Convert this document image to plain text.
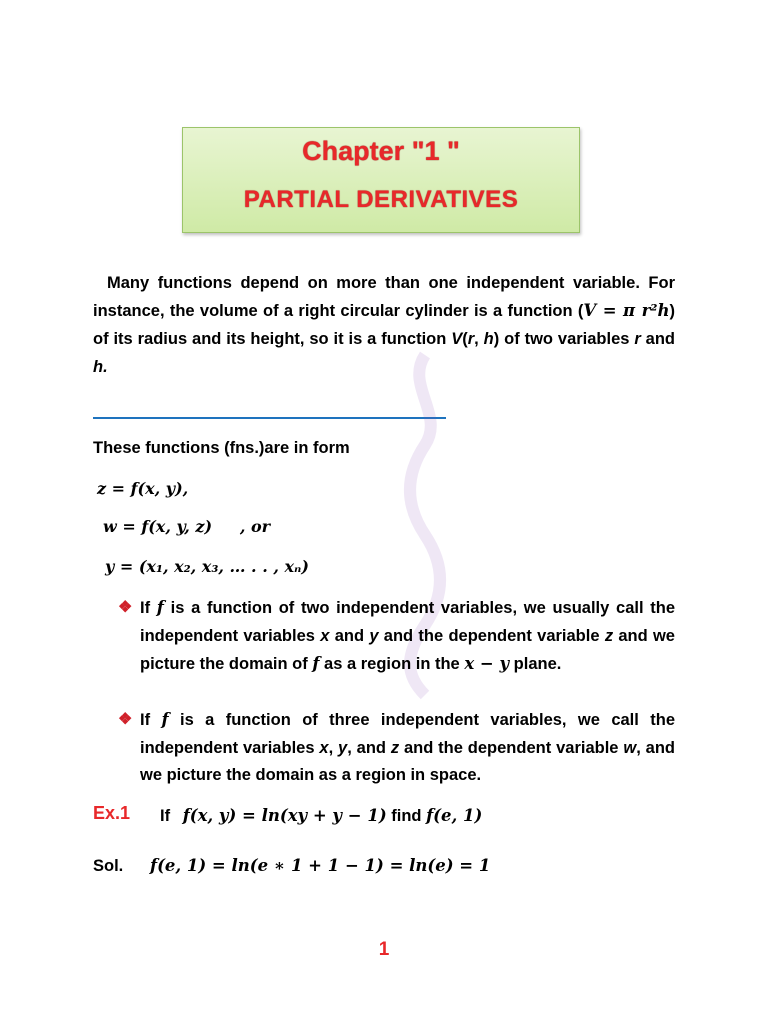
Chapter "1 "
PARTIAL DERIVATIVES
Many functions depend on more than one independent variable. For instance, the volume of a right circular cylinder is a function (V = π r²h) of its radius and its height, so it is a function V(r, h) of two variables r and h.
These functions (fns.)are in form
z = f(x, y),
w = f(x, y, z)     , or
y = (x₁, x₂, x₃, … . . , xₙ)
❖ If f is a function of two independent variables, we usually call the independent variables x and y and the dependent variable z and we picture the domain of f as a region in the x − y plane.
❖ If f is a function of three independent variables, we call the independent variables x, y, and z and the dependent variable w, and we picture the domain as a region in space.
Ex.1 If f(x, y) = ln(xy + y − 1) find f(e, 1)
Sol. f(e, 1) = ln(e ∗ 1 + 1 − 1) = ln(e) = 1
1
